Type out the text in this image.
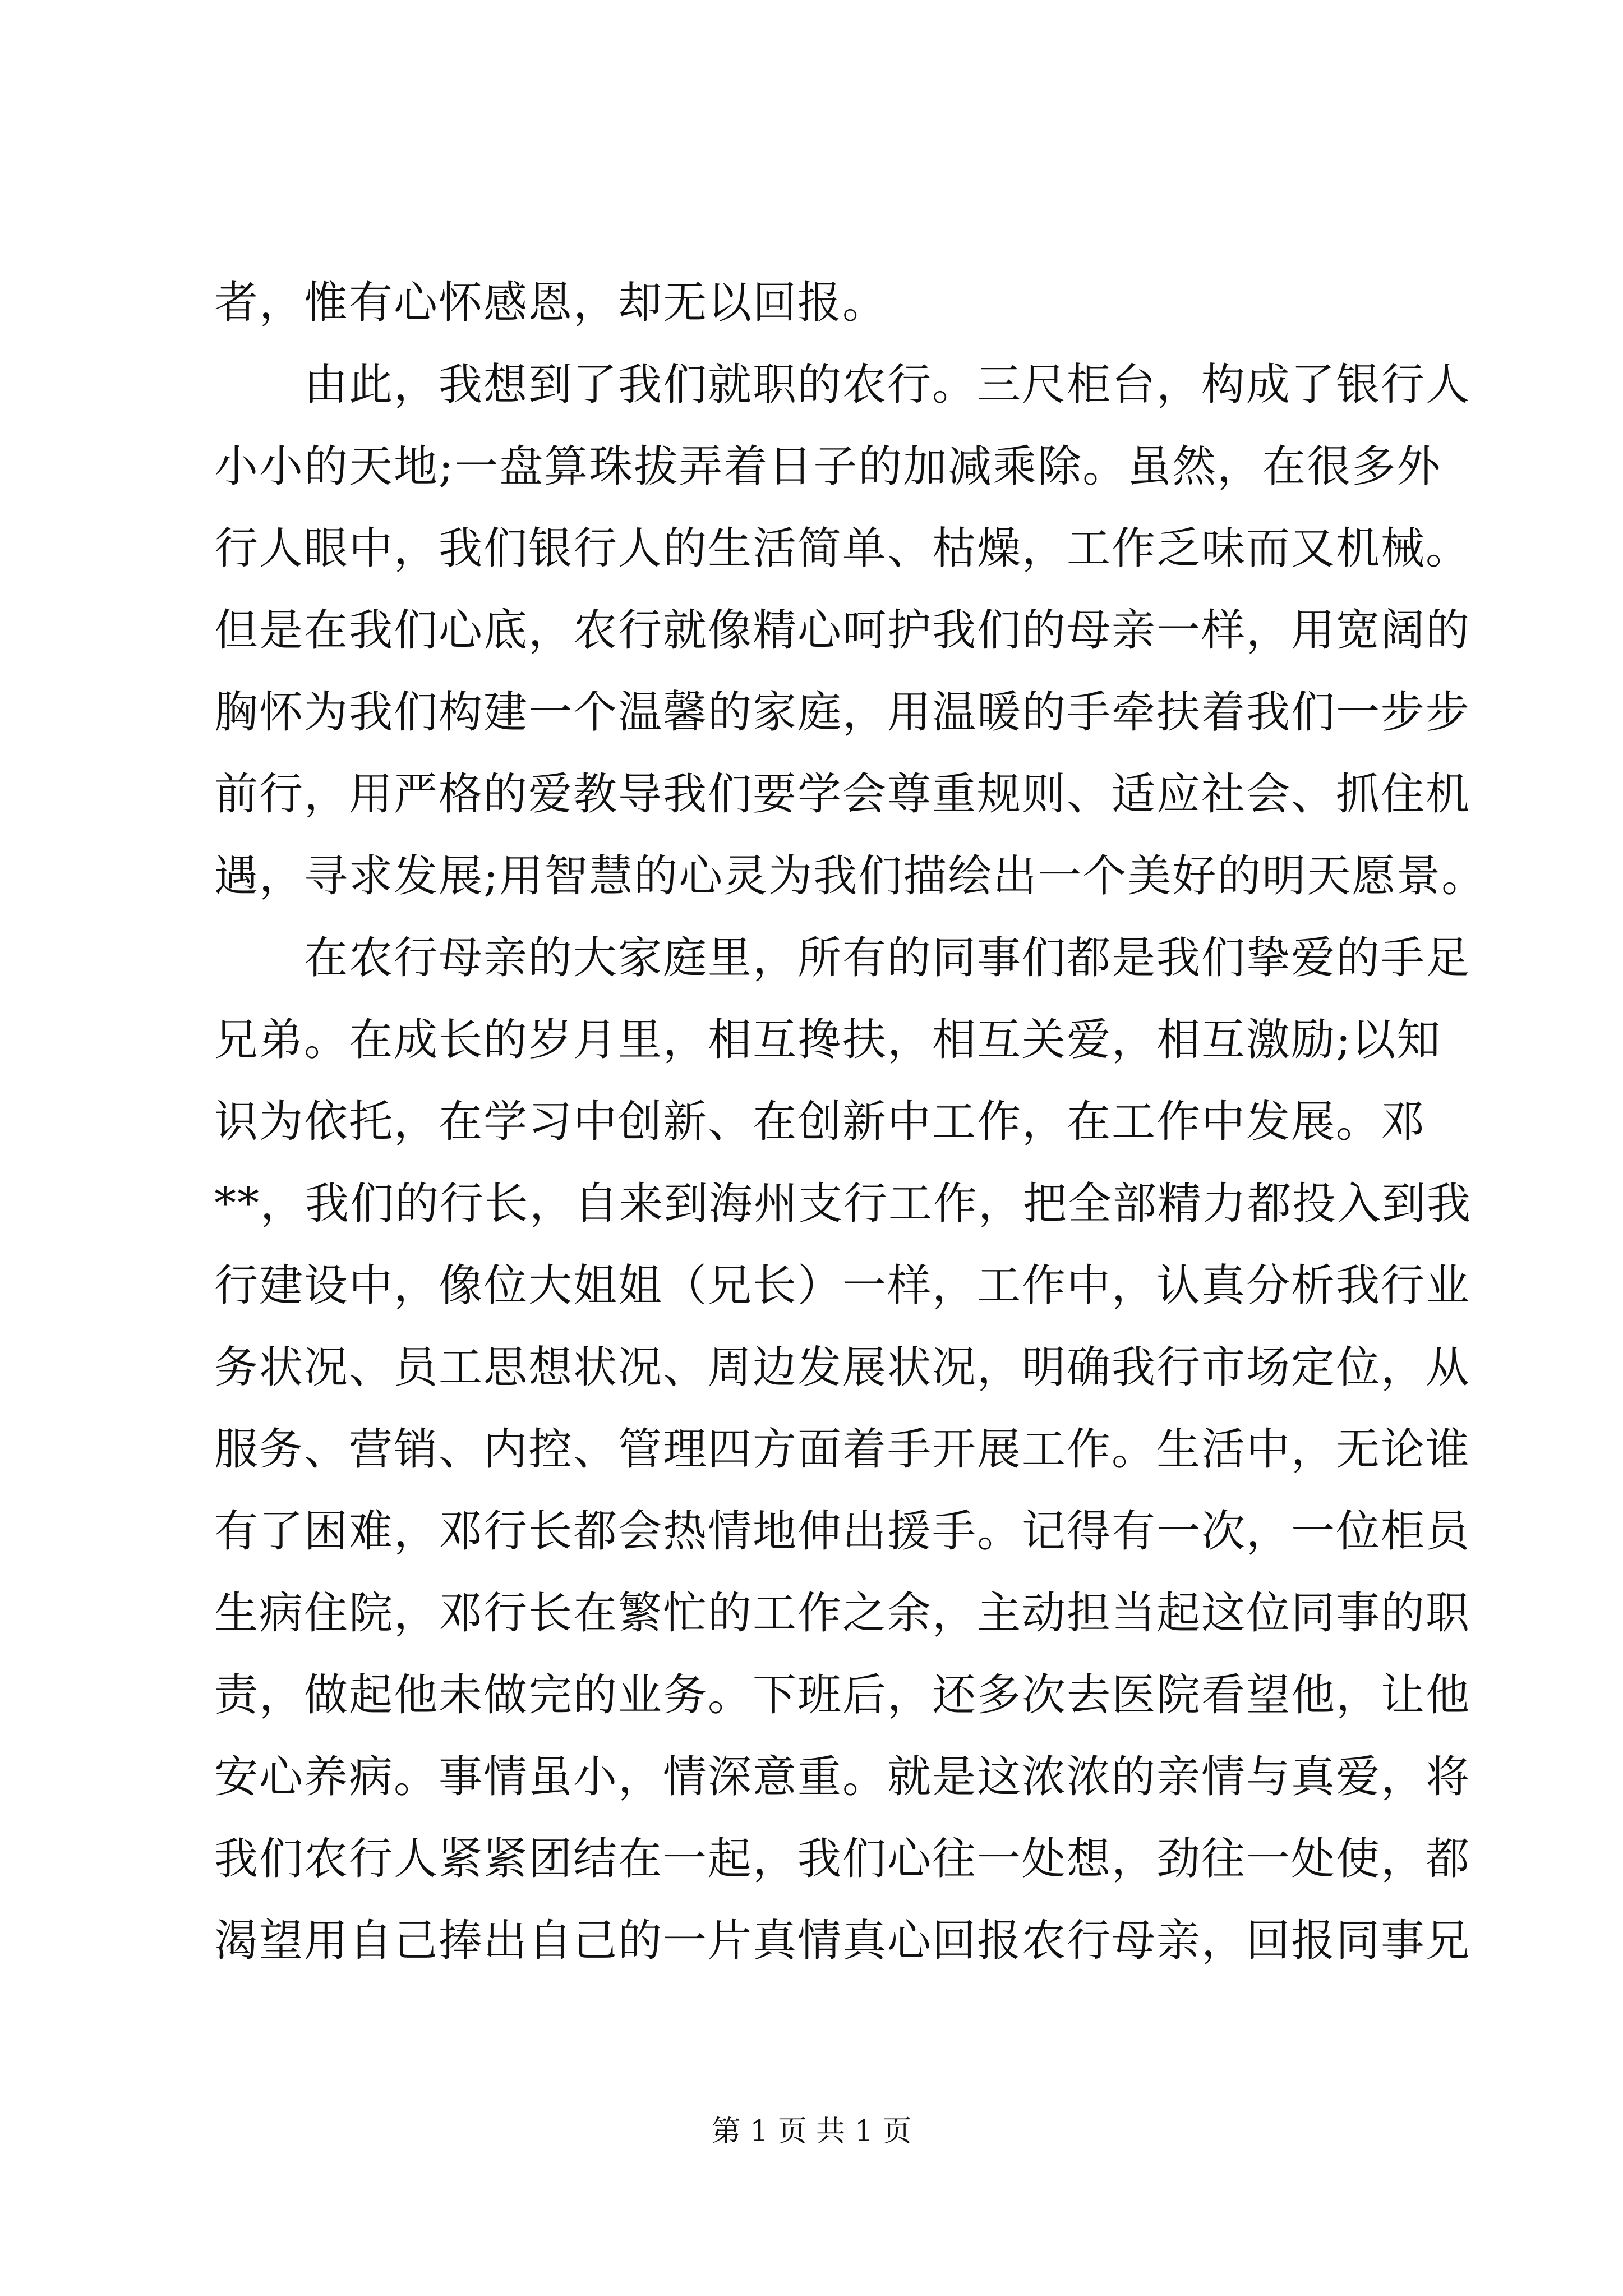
者，惟有心怀感恩，却无以回报。
　　由此，我想到了我们就职的农行。三尺柜台，构成了银行人
小小的天地;一盘算珠拔弄着日子的加减乘除。虽然，在很多外
行人眼中，我们银行人的生活简单、枯燥，工作乏味而又机械。
但是在我们心底，农行就像精心呵护我们的母亲一样，用宽阔的
胸怀为我们构建一个温馨的家庭，用温暖的手牵扶着我们一步步
前行，用严格的爱教导我们要学会尊重规则、适应社会、抓住机
遇，寻求发展;用智慧的心灵为我们描绘出一个美好的明天愿景。
　　在农行母亲的大家庭里，所有的同事们都是我们挚爱的手足
兄弟。在成长的岁月里，相互搀扶，相互关爱，相互激励;以知
识为依托，在学习中创新、在创新中工作，在工作中发展。邓
**，我们的行长，自来到海州支行工作，把全部精力都投入到我
行建设中，像位大姐姐（兄长）一样，工作中，认真分析我行业
务状况、员工思想状况、周边发展状况，明确我行市场定位，从
服务、营销、内控、管理四方面着手开展工作。生活中，无论谁
有了困难，邓行长都会热情地伸出援手。记得有一次，一位柜员
生病住院，邓行长在繁忙的工作之余，主动担当起这位同事的职
责，做起他未做完的业务。下班后，还多次去医院看望他，让他
安心养病。事情虽小，情深意重。就是这浓浓的亲情与真爱，将
我们农行人紧紧团结在一起，我们心往一处想，劲往一处使，都
渴望用自己捧出自己的一片真情真心回报农行母亲，回报同事兄
第 1 页 共 1 页
